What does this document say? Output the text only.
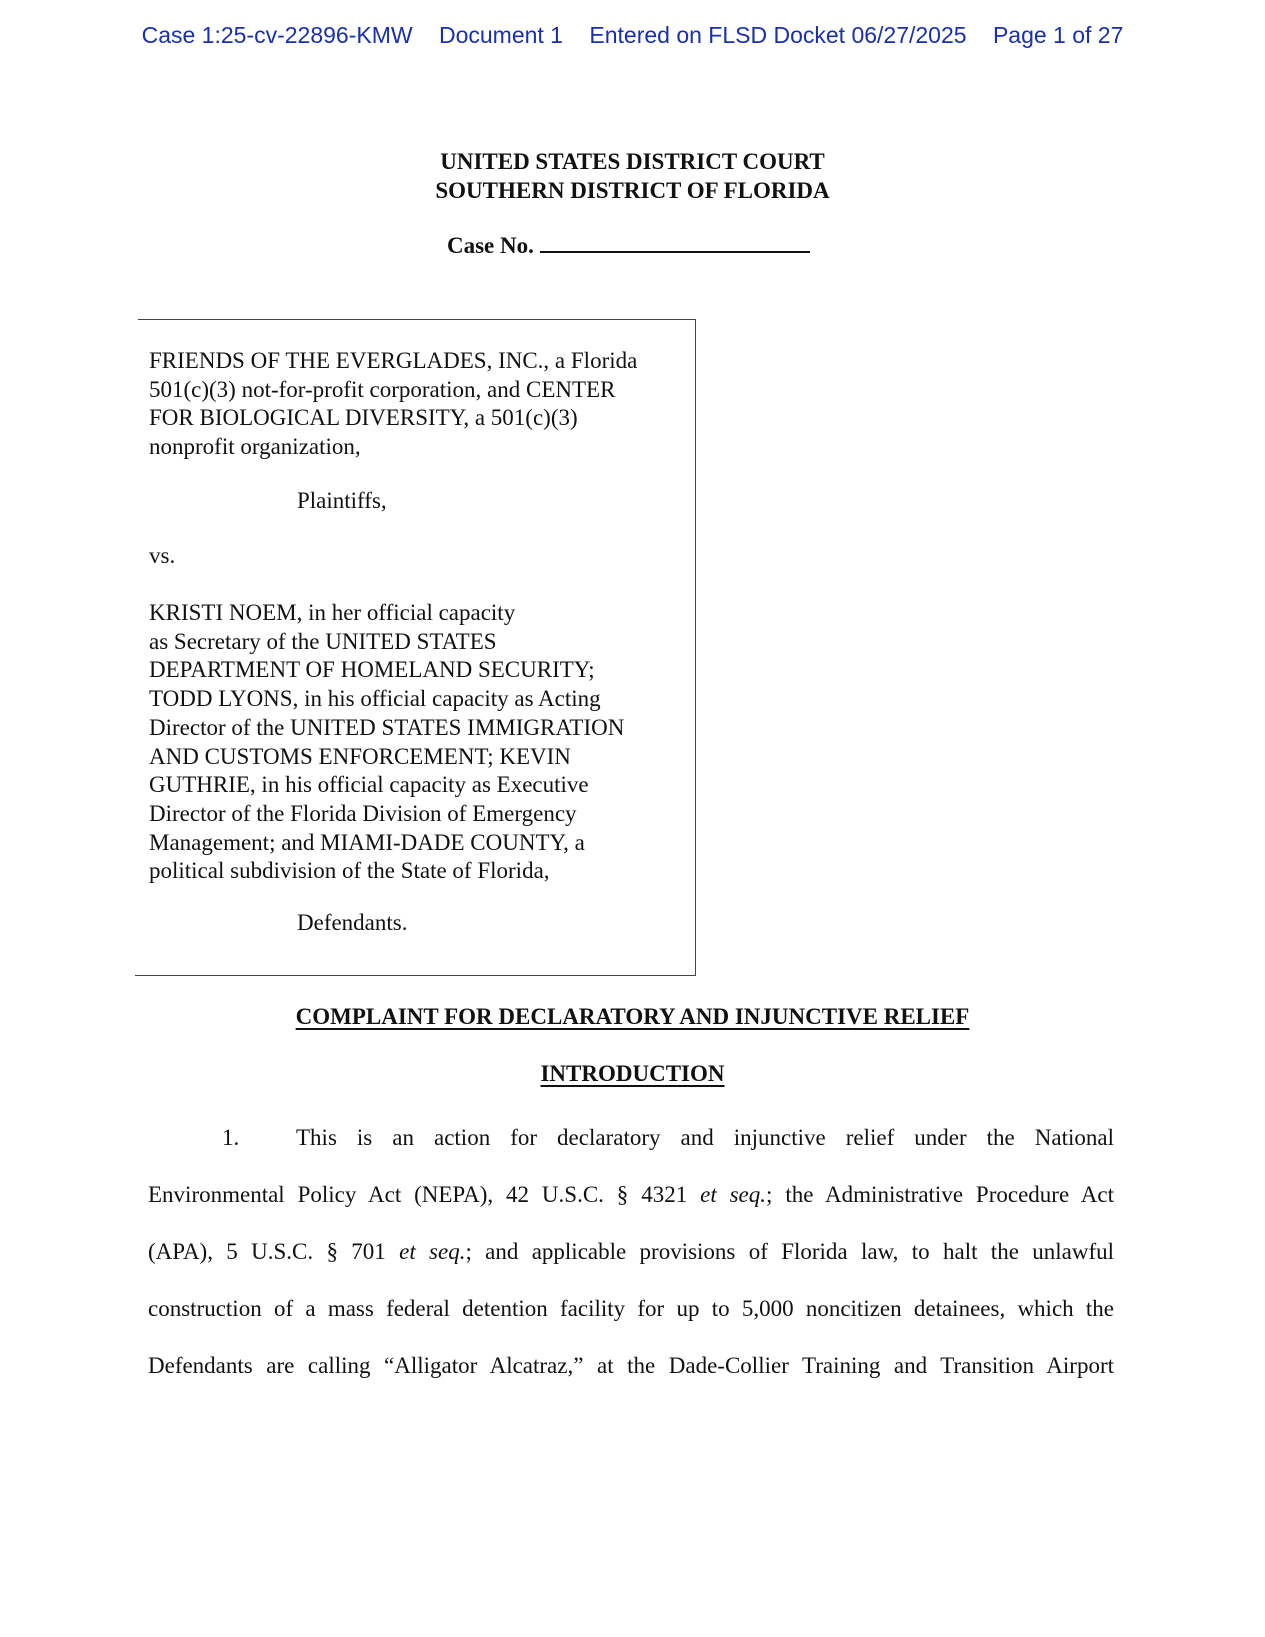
Case 1:25-cv-22896-KMW Document 1 Entered on FLSD Docket 06/27/2025 Page 1 of 27
UNITED STATES DISTRICT COURT
SOUTHERN DISTRICT OF FLORIDA
Case No.
FRIENDS OF THE EVERGLADES, INC., a Florida
501(c)(3) not-for-profit corporation, and CENTER
FOR BIOLOGICAL DIVERSITY, a 501(c)(3)
nonprofit organization,
Plaintiffs,
vs.
KRISTI NOEM, in her official capacity
as Secretary of the UNITED STATES
DEPARTMENT OF HOMELAND SECURITY;
TODD LYONS, in his official capacity as Acting
Director of the UNITED STATES IMMIGRATION
AND CUSTOMS ENFORCEMENT; KEVIN
GUTHRIE, in his official capacity as Executive
Director of the Florida Division of Emergency
Management; and MIAMI-DADE COUNTY, a
political subdivision of the State of Florida,
Defendants.
COMPLAINT FOR DECLARATORY AND INJUNCTIVE RELIEF
INTRODUCTION
1. This is an action for declaratory and injunctive relief under the National
Environmental Policy Act (NEPA), 42 U.S.C. § 4321 et seq.; the Administrative Procedure Act
(APA), 5 U.S.C. § 701 et seq.; and applicable provisions of Florida law, to halt the unlawful
construction of a mass federal detention facility for up to 5,000 noncitizen detainees, which the
Defendants are calling “Alligator Alcatraz,” at the Dade-Collier Training and Transition Airport
